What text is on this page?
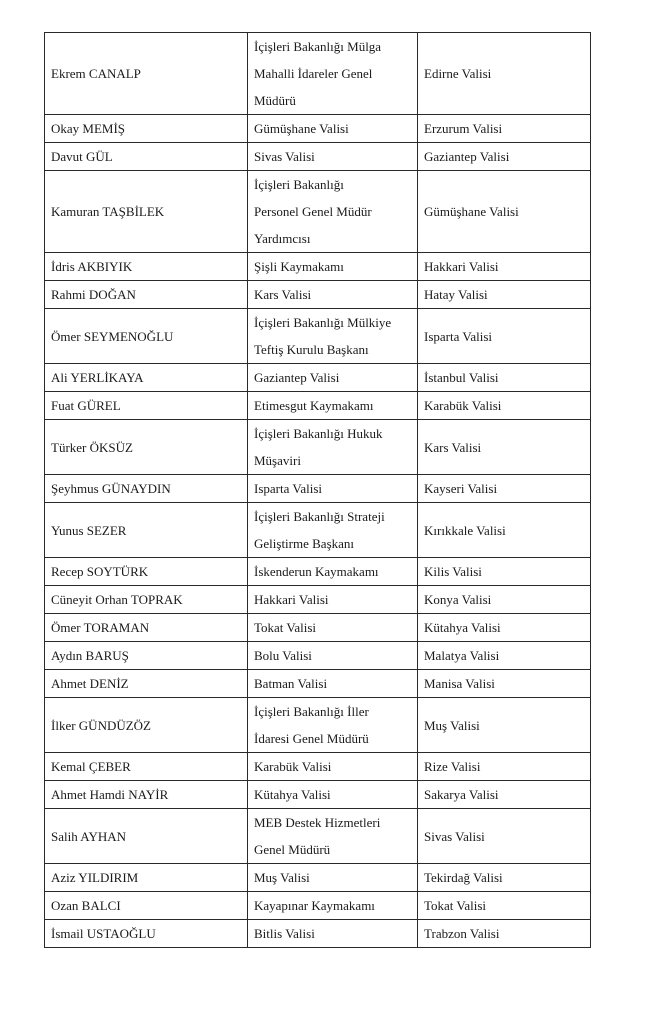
Ekrem CANALP	İçişleri Bakanlığı Mülga
Mahalli İdareler Genel
Müdürü	Edirne Valisi
Okay MEMİŞ	Gümüşhane Valisi	Erzurum Valisi
Davut GÜL	Sivas Valisi	Gaziantep Valisi
Kamuran TAŞBİLEK	İçişleri Bakanlığı
Personel Genel Müdür
Yardımcısı	Gümüşhane Valisi
İdris AKBIYIK	Şişli Kaymakamı	Hakkari Valisi
Rahmi DOĞAN	Kars Valisi	Hatay Valisi
Ömer SEYMENOĞLU	İçişleri Bakanlığı Mülkiye
Teftiş Kurulu Başkanı	Isparta Valisi
Ali YERLİKAYA	Gaziantep Valisi	İstanbul Valisi
Fuat GÜREL	Etimesgut Kaymakamı	Karabük Valisi
Türker ÖKSÜZ	İçişleri Bakanlığı Hukuk
Müşaviri	Kars Valisi
Şeyhmus GÜNAYDIN	Isparta Valisi	Kayseri Valisi
Yunus SEZER	İçişleri Bakanlığı Strateji
Geliştirme Başkanı	Kırıkkale Valisi
Recep SOYTÜRK	İskenderun Kaymakamı	Kilis Valisi
Cüneyit Orhan TOPRAK	Hakkari Valisi	Konya Valisi
Ömer TORAMAN	Tokat Valisi	Kütahya Valisi
Aydın BARUŞ	Bolu Valisi	Malatya Valisi
Ahmet DENİZ	Batman Valisi	Manisa Valisi
İlker GÜNDÜZÖZ	İçişleri Bakanlığı İller
İdaresi Genel Müdürü	Muş Valisi
Kemal ÇEBER	Karabük Valisi	Rize Valisi
Ahmet Hamdi NAYİR	Kütahya Valisi	Sakarya Valisi
Salih AYHAN	MEB Destek Hizmetleri
Genel Müdürü	Sivas Valisi
Aziz YILDIRIM	Muş Valisi	Tekirdağ Valisi
Ozan BALCI	Kayapınar Kaymakamı	Tokat Valisi
İsmail USTAOĞLU	Bitlis Valisi	Trabzon Valisi
